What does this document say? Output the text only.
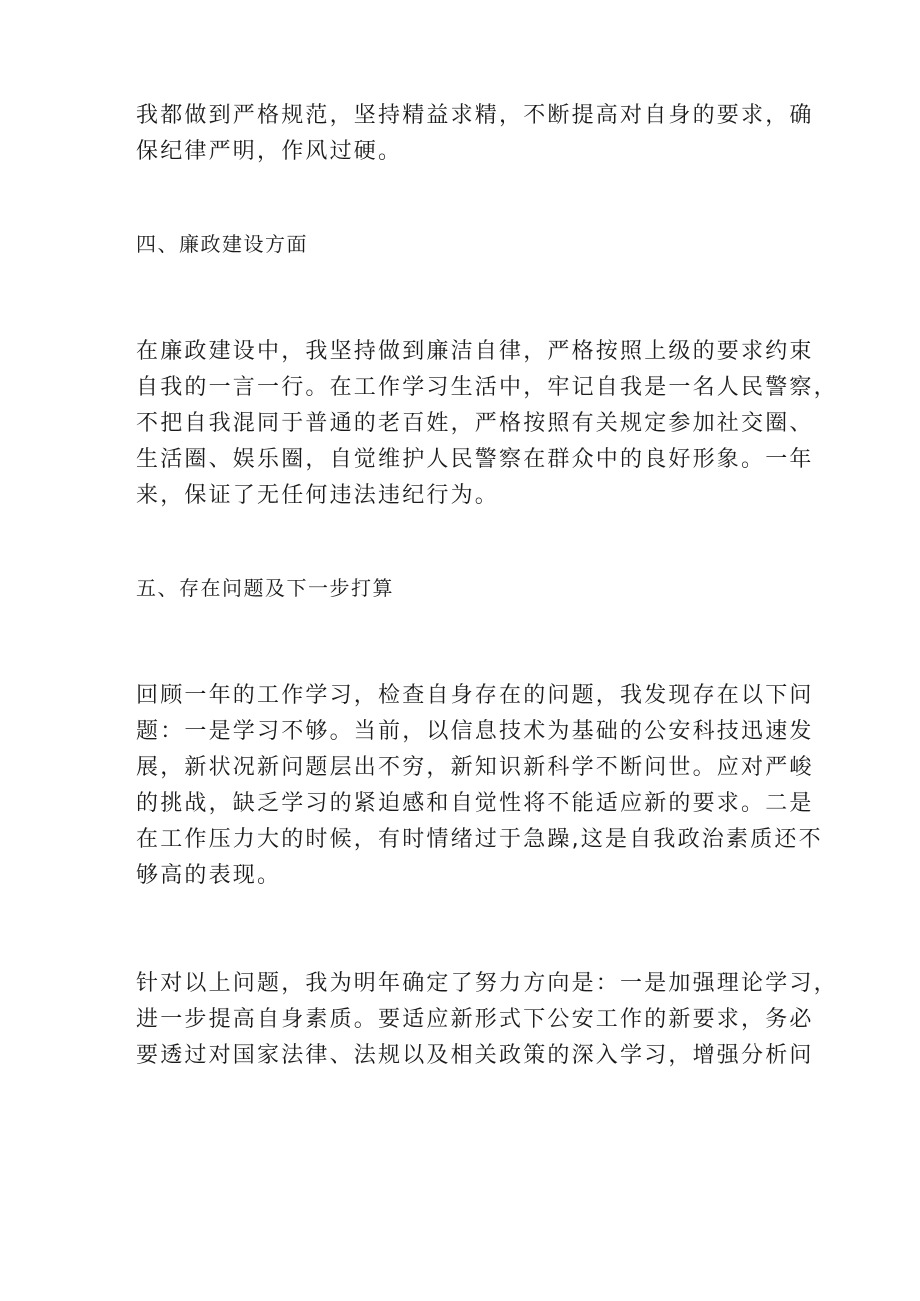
我都做到严格规范，坚持精益求精，不断提高对自身的要求，确
保纪律严明，作风过硬。
四、廉政建设方面
在廉政建设中，我坚持做到廉洁自律，严格按照上级的要求约束
自我的一言一行。在工作学习生活中，牢记自我是一名人民警察，
不把自我混同于普通的老百姓，严格按照有关规定参加社交圈、
生活圈、娱乐圈，自觉维护人民警察在群众中的良好形象。一年
来，保证了无任何违法违纪行为。
五、存在问题及下一步打算
回顾一年的工作学习，检查自身存在的问题，我发现存在以下问
题：一是学习不够。当前，以信息技术为基础的公安科技迅速发
展，新状况新问题层出不穷，新知识新科学不断问世。应对严峻
的挑战，缺乏学习的紧迫感和自觉性将不能适应新的要求。二是
在工作压力大的时候，有时情绪过于急躁,这是自我政治素质还不
够高的表现。
针对以上问题，我为明年确定了努力方向是：一是加强理论学习，
进一步提高自身素质。要适应新形式下公安工作的新要求，务必
要透过对国家法律、法规以及相关政策的深入学习，增强分析问
